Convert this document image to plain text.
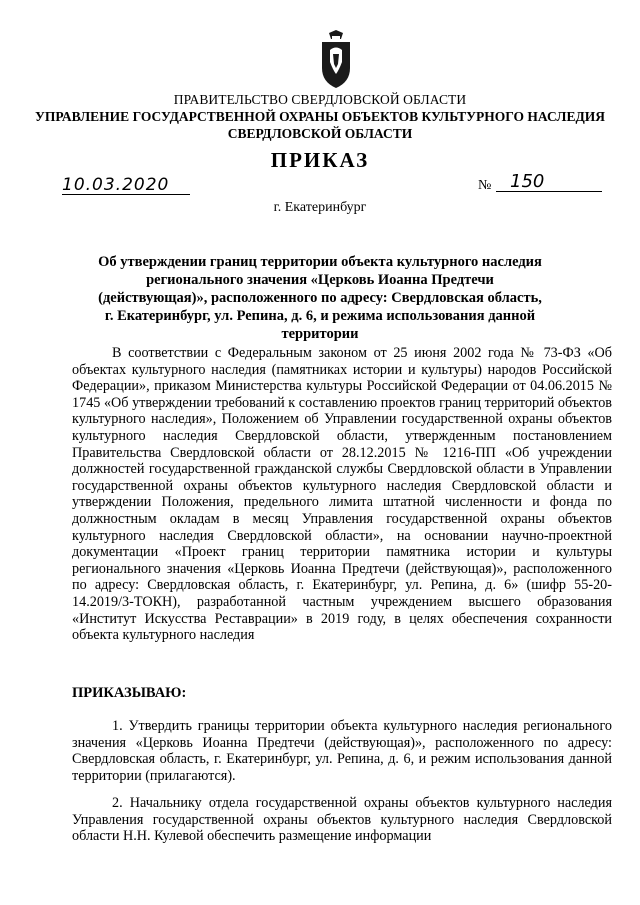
ПРАВИТЕЛЬСТВО СВЕРДЛОВСКОЙ ОБЛАСТИ
УПРАВЛЕНИЕ ГОСУДАРСТВЕННОЙ ОХРАНЫ ОБЪЕКТОВ КУЛЬТУРНОГО НАСЛЕДИЯ СВЕРДЛОВСКОЙ ОБЛАСТИ
ПРИКАЗ
10.03.2020	№	150
г. Екатеринбург
Об утверждении границ территории объекта культурного наследия регионального значения «Церковь Иоанна Предтечи (действующая)», расположенного по адресу: Свердловская область, г. Екатеринбург, ул. Репина, д. 6, и режима использования данной территории
В соответствии с Федеральным законом от 25 июня 2002 года № 73-ФЗ «Об объектах культурного наследия (памятниках истории и культуры) народов Российской Федерации», приказом Министерства культуры Российской Федерации от 04.06.2015 № 1745 «Об утверждении требований к составлению проектов границ территорий объектов культурного наследия», Положением об Управлении государственной охраны объектов культурного наследия Свердловской области, утвержденным постановлением Правительства Свердловской области от 28.12.2015 № 1216-ПП «Об учреждении должностей государственной гражданской службы Свердловской области в Управлении государственной охраны объектов культурного наследия Свердловской области и утверждении Положения, предельного лимита штатной численности и фонда по должностным окладам в месяц Управления государственной охраны объектов культурного наследия Свердловской области», на основании научно-проектной документации «Проект границ территории памятника истории и культуры регионального значения «Церковь Иоанна Предтечи (действующая)», расположенного по адресу: Свердловская область, г. Екатеринбург, ул. Репина, д. 6» (шифр 55-20-14.2019/3-ТОКН), разработанной частным учреждением высшего образования «Институт Искусства Реставрации» в 2019 году, в целях обеспечения сохранности объекта культурного наследия
ПРИКАЗЫВАЮ:
1. Утвердить границы территории объекта культурного наследия регионального значения «Церковь Иоанна Предтечи (действующая)», расположенного по адресу: Свердловская область, г. Екатеринбург, ул. Репина, д. 6, и режим использования данной территории (прилагаются).
2. Начальнику отдела государственной охраны объектов культурного наследия Управления государственной охраны объектов культурного наследия Свердловской области Н.Н. Кулевой обеспечить размещение информации
